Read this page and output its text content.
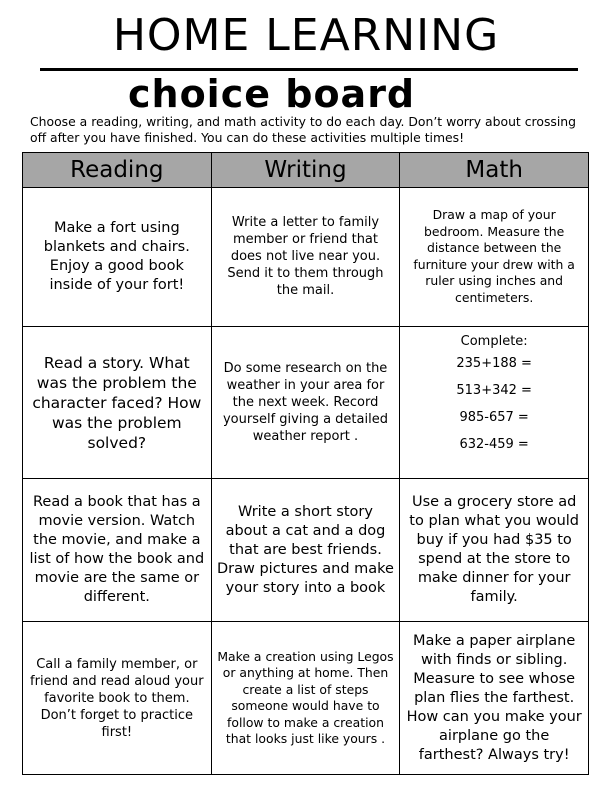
HOME LEARNING
choice board
Choose a reading, writing, and math activity to do each day. Don’t worry about crossing off after you have finished. You can do these activities multiple times!
Reading	Writing	Math
Make a fort using blankets and chairs. Enjoy a good book inside of your fort!	Write a letter to family member or friend that does not live near you. Send it to them through the mail.	Draw a map of your bedroom. Measure the distance between the furniture your drew with a ruler using inches and centimeters.
Read a story. What was the problem the character faced? How was the problem solved?	Do some research on the weather in your area for the next week. Record yourself giving a detailed weather report .	Complete:
235+188 =
513+342 =
985-657 =
632-459 =

Read a book that has a movie version. Watch the movie, and make a list of how the book and movie are the same or different.	Write a short story about a cat and a dog that are best friends. Draw pictures and make your story into a book	Use a grocery store ad to plan what you would buy if you had $35 to spend at the store to make dinner for your family.
Call a family member, or friend and read aloud your favorite book to them. Don’t forget to practice first!	Make a creation using Legos or anything at home. Then create a list of steps someone would have to follow to make a creation that looks just like yours .	Make a paper airplane with finds or sibling. Measure to see whose plan flies the farthest. How can you make your airplane go the farthest? Always try!
